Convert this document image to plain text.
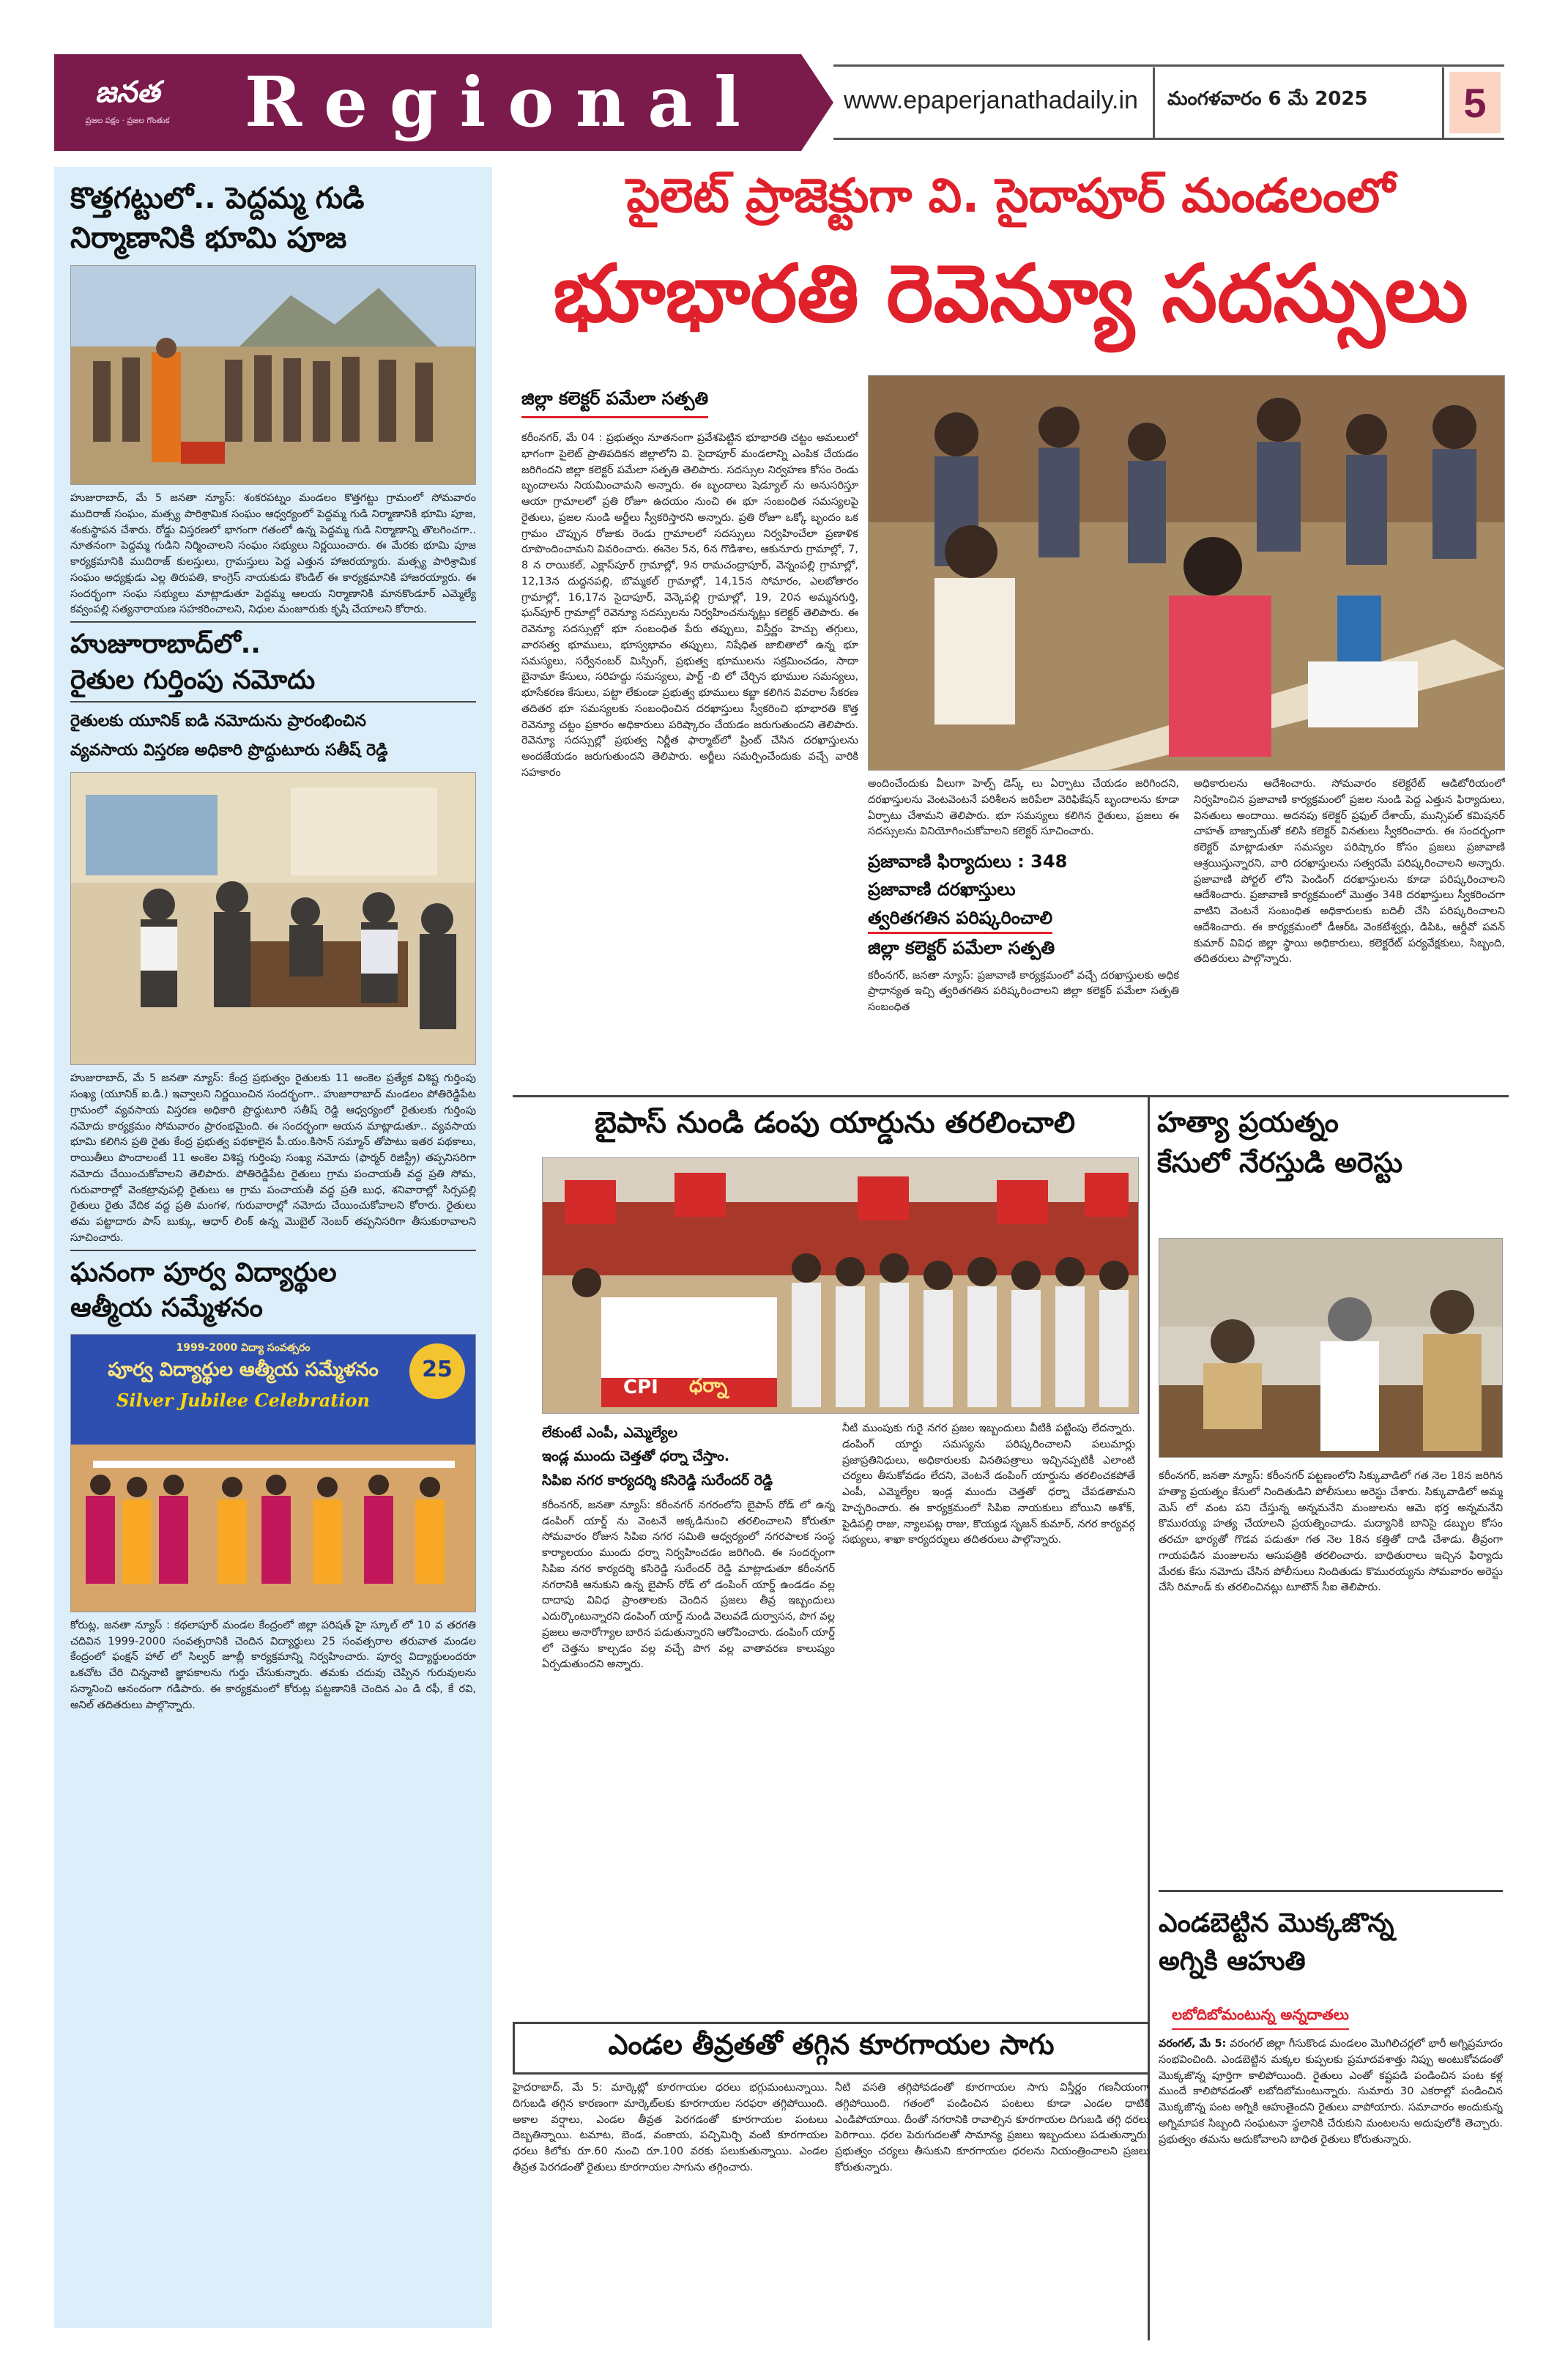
జనత
ప్రజల పక్షం · ప్రజల గొంతుక	Regional	www.epaperjanathadaily.in మంగళవారం 6 మే 2025	5
కొత్తగట్టులో.. పెద్దమ్మ గుడి
నిర్మాణానికి భూమి పూజ
హుజురాబాద్, మే 5 జనతా న్యూస్: శంకరపట్నం మండలం కొత్తగట్టు గ్రామంలో సోమవారం ముదిరాజ్ సంఘం, మత్స్య పారిశ్రామిక సంఘం ఆధ్వర్యంలో పెద్దమ్మ గుడి నిర్మాణానికి భూమి పూజ, శంకుస్థాపన చేశారు. రోడ్డు విస్తరణలో భాగంగా గతంలో ఉన్న పెద్దమ్మ గుడి నిర్మాణాన్ని తొలగించగా.. నూతనంగా పెద్దమ్మ గుడిని నిర్మించాలని సంఘం సభ్యులు నిర్ణయించారు. ఈ మేరకు భూమి పూజ కార్యక్రమానికి ముదిరాజ్ కులస్తులు, గ్రామస్తులు పెద్ద ఎత్తున హాజరయ్యారు. మత్స్య పారిశ్రామిక సంఘం అధ్యక్షుడు ఎల్ల తిరుపతి, కాంగ్రెస్ నాయకుడు కౌండిల్ ఈ కార్యక్రమానికి హాజరయ్యారు. ఈ సందర్భంగా సంఘ సభ్యులు మాట్లాడుతూ పెద్దమ్మ ఆలయ నిర్మాణానికి మానకొండూర్ ఎమ్మెల్యే కవ్వంపల్లి సత్యనారాయణ సహకరించాలని, నిధుల మంజూరుకు కృషి చేయాలని కోరారు.
హుజూరాబాద్‌లో..
రైతుల గుర్తింపు నమోదు
రైతులకు యూనిక్ ఐడి నమోదును ప్రారంభించిన
వ్యవసాయ విస్తరణ అధికారి ప్రొద్దుటూరు సతీష్ రెడ్డి
హుజురాబాద్, మే 5 జనతా న్యూస్: కేంద్ర ప్రభుత్వం రైతులకు 11 అంకెల ప్రత్యేక విశిష్ట గుర్తింపు సంఖ్య (యూనిక్ ఐ.డి.) ఇవ్వాలని నిర్ణయించిన సందర్భంగా.. హుజూరాబాద్ మండలం పోతిరెడ్డిపేట గ్రామంలో వ్యవసాయ విస్తరణ అధికారి ప్రొద్దుటూరి సతీష్ రెడ్డి ఆధ్వర్యంలో రైతులకు గుర్తింపు నమోదు కార్యక్రమం సోమవారం ప్రారంభమైంది. ఈ సందర్భంగా ఆయన మాట్లాడుతూ.. వ్యవసాయ భూమి కలిగిన ప్రతి రైతు కేంద్ర ప్రభుత్వ పథకాలైన పీ.యం.కిసాన్ సమ్మాన్ తోపాటు ఇతర పథకాలు, రాయితీలు పొందాలంటే 11 అంకెల విశిష్ట గుర్తింపు సంఖ్య నమోదు (ఫార్మర్ రిజిస్ట్రీ) తప్పనిసరిగా నమోదు చేయించుకోవాలని తెలిపారు. పోతిరెడ్డిపేట రైతులు గ్రామ పంచాయతీ వద్ద ప్రతి సోమ, గురువారాల్లో వెంకట్రావుపల్లి రైతులు ఆ గ్రామ పంచాయతీ వద్ద ప్రతి బుధ, శనివారాల్లో సిర్సపల్లి రైతులు రైతు వేదిక వద్ద ప్రతి మంగళ, గురువారాల్లో నమోదు చేయించుకోవాలని కోరారు. రైతులు తమ పట్టాదారు పాస్ బుక్కు, ఆధార్ లింక్ ఉన్న మొబైల్ నెంబర్ తప్పనిసరిగా తీసుకురావాలని సూచించారు.
ఘనంగా పూర్వ విద్యార్థుల
ఆత్మీయ సమ్మేళనం
1999-2000 విద్యా సంవత్సరం
పూర్వ విద్యార్థుల ఆత్మీయ సమ్మేళనం
Silver Jubilee Celebration
25
కోరుట్ల, జనతా న్యూస్ : కథలాపూర్ మండల కేంద్రంలో జిల్లా పరిషత్ హై స్కూల్ లో 10 వ తరగతి చదివిన 1999-2000 సంవత్సరానికి చెందిన విద్యార్థులు 25 సంవత్సరాల తరువాత మండల కేంద్రంలో ఫంక్షన్ హాల్ లో సిల్వర్ జూబ్లీ కార్యక్రమాన్ని నిర్వహించారు. పూర్వ విద్యార్థులందరూ ఒకచోట చేరి చిన్ననాటి జ్ఞాపకాలను గుర్తు చేసుకున్నారు. తమకు చదువు చెప్పిన గురువులను సన్మానించి ఆనందంగా గడిపారు. ఈ కార్యక్రమంలో కోరుట్ల పట్టణానికి చెందిన ఎం డి రఫీ, కే రవి, అనిల్ తదితరులు పాల్గొన్నారు.
పైలెట్ ప్రాజెక్టుగా వి. సైదాపూర్ మండలంలో
భూభారతి రెవెన్యూ సదస్సులు
జిల్లా కలెక్టర్ పమేలా సత్పతి
కరీంనగర్, మే 04 : ప్రభుత్వం నూతనంగా ప్రవేశపెట్టిన భూభారతి చట్టం అమలులో భాగంగా పైలెట్ ప్రాతిపదికన జిల్లాలోని వి. సైదాపూర్ మండలాన్ని ఎంపిక చేయడం జరిగిందని జిల్లా కలెక్టర్ పమేలా సత్పతి తెలిపారు. సదస్సుల నిర్వహణ కోసం రెండు బృందాలను నియమించామని అన్నారు. ఈ బృందాలు షెడ్యూల్ ను అనుసరిస్తూ ఆయా గ్రామాలలో ప్రతి రోజూ ఉదయం నుంచి ఈ భూ సంబంధిత సమస్యలపై రైతులు, ప్రజల నుండి అర్జీలు స్వీకరిస్తారని అన్నారు. ప్రతి రోజూ ఒక్కో బృందం ఒక గ్రామం చొప్పున రోజుకు రెండు గ్రామాలలో సదస్సులు నిర్వహించేలా ప్రణాళిక రూపొందించామని వివరించారు. ఈనెల 5న, 6న గొడిశాల, ఆకునూరు గ్రామాల్లో, 7, 8 న రాయికల్, ఎక్లాస్‌పూర్ గ్రామాల్లో, 9న రామచంద్రాపూర్, వెన్నంపల్లి గ్రామాల్లో, 12,13న దుద్దనపల్లి, బొమ్మకల్ గ్రామాల్లో, 14,15న సోమారం, ఎలబోతారం గ్రామాల్లో, 16,17న సైదాపూర్, వెన్కెపల్లి గ్రామాల్లో, 19, 20న అమ్మనగుర్తి, ఘన్‌పూర్ గ్రామాల్లో రెవెన్యూ సదస్సులను నిర్వహించనున్నట్లు కలెక్టర్ తెలిపారు. ఈ రెవెన్యూ సదస్సుల్లో భూ సంబంధిత పేరు తప్పులు, విస్తీర్ణం హెచ్చు తగ్గులు, వారసత్వ భూములు, భూస్వభావం తప్పులు, నిషేధిత జాబితాలో ఉన్న భూ సమస్యలు, సర్వేనంబర్ మిస్సింగ్, ప్రభుత్వ భూములను సక్రమించడం, సాదా బైనామా కేసులు, సరిహద్దు సమస్యలు, పార్ట్ -బి లో చేర్చిన భూముల సమస్యలు, భూసేకరణ కేసులు, పట్టా లేకుండా ప్రభుత్వ భూములు కబ్జా కలిగిన వివరాల సేకరణ తదితర భూ సమస్యలకు సంబంధించిన దరఖాస్తులు స్వీకరించి భూభారతి కొత్త రెవెన్యూ చట్టం ప్రకారం అధికారులు పరిష్కారం చేయడం జరుగుతుందని తెలిపారు. రెవెన్యూ సదస్సుల్లో ప్రభుత్వ నిర్ణీత ఫార్మాట్‌లో ప్రింట్ చేసిన దరఖాస్తులను అందజేయడం జరుగుతుందని తెలిపారు. అర్జీలు సమర్పించేందుకు వచ్చే వారికి సహకారం
అందించేందుకు వీలుగా హెల్ప్ డెస్క్ లు ఏర్పాటు చేయడం జరిగిందని, దరఖాస్తులను వెంటవెంటనే పరిశీలన జరిపేలా వెరిఫికేషన్ బృందాలను కూడా ఏర్పాటు చేశామని తెలిపారు. భూ సమస్యలు కలిగిన రైతులు, ప్రజలు ఈ సదస్సులను వినియోగించుకోవాలని కలెక్టర్ సూచించారు.
ప్రజావాణి ఫిర్యాదులు : 348
ప్రజావాణి దరఖాస్తులు
త్వరితగతిన పరిష్కరించాలి
జిల్లా కలెక్టర్ పమేలా సత్పతి
కరీంనగర్, జనతా న్యూస్: ప్రజావాణి కార్యక్రమంలో వచ్చే దరఖాస్తులకు అధిక ప్రాధాన్యత ఇచ్చి త్వరితగతిన పరిష్కరించాలని జిల్లా కలెక్టర్ పమేలా సత్పతి సంబంధిత
అధికారులను ఆదేశించారు. సోమవారం కలెక్టరేట్ ఆడిటోరియంలో నిర్వహించిన ప్రజావాణి కార్యక్రమంలో ప్రజల నుండి పెద్ద ఎత్తున ఫిర్యాదులు, వినతులు అందాయి. అదనపు కలెక్టర్ ప్రఫుల్ దేశాయ్, మున్సిపల్ కమిషనర్ చాహత్ బాజ్పాయ్‌తో కలిసి కలెక్టర్ వినతులు స్వీకరించారు. ఈ సందర్భంగా కలెక్టర్ మాట్లాడుతూ సమస్యల పరిష్కారం కోసం ప్రజలు ప్రజావాణి ఆశ్రయిస్తున్నారని, వారి దరఖాస్తులను సత్వరమే పరిష్కరించాలని అన్నారు. ప్రజావాణి పోర్టల్ లోని పెండింగ్ దరఖాస్తులను కూడా పరిష్కరించాలని ఆదేశించారు. ప్రజావాణి కార్యక్రమంలో మొత్తం 348 దరఖాస్తులు స్వీకరించగా వాటిని వెంటనే సంబంధిత అధికారులకు బదిలీ చేసి పరిష్కరించాలని ఆదేశించారు. ఈ కార్యక్రమంలో డీఆర్‌ఓ వెంకటేశ్వర్లు, డిపిఓ, ఆర్డీవో పవన్ కుమార్ వివిధ జిల్లా స్థాయి అధికారులు, కలెక్టరేట్ పర్యవేక్షకులు, సిబ్బంది, తదితరులు పాల్గొన్నారు.
బైపాస్ నుండి డంపు యార్డును తరలించాలి
CPI ధర్నా
లేకుంటే ఎంపీ, ఎమ్మెల్యేల
ఇండ్ల ముందు చెత్తతో ధర్నా చేస్తాం.
సిపిఐ నగర కార్యదర్శి కసిరెడ్డి సురేందర్ రెడ్డి
కరీంనగర్, జనతా న్యూస్: కరీంనగర్ నగరంలోని బైపాస్ రోడ్ లో ఉన్న డంపింగ్ యార్డ్ ను వెంటనే అక్కడినుంచి తరలించాలని కోరుతూ సోమవారం రోజున సిపిఐ నగర సమితి ఆధ్వర్యంలో నగరపాలక సంస్థ కార్యాలయం ముందు ధర్నా నిర్వహించడం జరిగింది. ఈ సందర్భంగా సిపిఐ నగర కార్యదర్శి కసిరెడ్డి సురేందర్ రెడ్డి మాట్లాడుతూ కరీంనగర్ నగరానికి ఆనుకుని ఉన్న బైపాస్ రోడ్ లో డంపింగ్ యార్డ్ ఉండడం వల్ల దాదాపు వివిధ ప్రాంతాలకు చెందిన ప్రజలు తీవ్ర ఇబ్బందులు ఎదుర్కొంటున్నారని డంపింగ్ యార్డ్ నుండి వెలువడే దుర్వాసన, పొగ వల్ల ప్రజలు అనారోగ్యాల బారిన పడుతున్నారని ఆరోపించారు. డంపింగ్ యార్డ్ లో చెత్తను కాల్చడం వల్ల వచ్చే పొగ వల్ల వాతావరణ కాలుష్యం ఏర్పడుతుందని అన్నారు.
నీటి ముంపుకు గురై నగర ప్రజల ఇబ్బందులు వీటికి పట్టింపు లేదన్నారు. డంపింగ్ యార్డు సమస్యను పరిష్కరించాలని పలుమార్లు ప్రజాప్రతినిధులు, అధికారులకు వినతిపత్రాలు ఇచ్చినప్పటికీ ఎలాంటి చర్యలు తీసుకోవడం లేదని, వెంటనే డంపింగ్ యార్డును తరలించకపోతే ఎంపీ, ఎమ్మెల్యేల ఇండ్ల ముందు చెత్తతో ధర్నా చేపడతామని హెచ్చరించారు. ఈ కార్యక్రమంలో సిపిఐ నాయకులు బోయిని అశోక్, పైడిపల్లి రాజు, న్యాలపట్ల రాజు, కొయ్యడ సృజన్ కుమార్, నగర కార్యవర్గ సభ్యులు, శాఖా కార్యదర్శులు తదితరులు పాల్గొన్నారు.
హత్యా ప్రయత్నం
కేసులో నేరస్తుడి అరెస్టు
కరీంనగర్, జనతా న్యూస్: కరీంనగర్ పట్టణంలోని సిక్కువాడిలో గత నెల 18న జరిగిన హత్యా ప్రయత్నం కేసులో నిందితుడిని పోలీసులు అరెస్టు చేశారు. సిక్కువాడిలో అమ్మ మెస్ లో వంట పని చేస్తున్న అన్నమనేని మంజులను ఆమె భర్త అన్నమనేని కొమురయ్య హత్య చేయాలని ప్రయత్నించాడు. మద్యానికి బానిసై డబ్బుల కోసం తరచూ భార్యతో గొడవ పడుతూ గత నెల 18న కత్తితో దాడి చేశాడు. తీవ్రంగా గాయపడిన మంజులను ఆసుపత్రికి తరలించారు. బాధితురాలు ఇచ్చిన ఫిర్యాదు మేరకు కేసు నమోదు చేసిన పోలీసులు నిందితుడు కొమురయ్యను సోమవారం అరెస్టు చేసి రిమాండ్ కు తరలించినట్లు టూటౌన్ సీఐ తెలిపారు.
ఎండబెట్టిన మొక్కజొన్న
అగ్నికి ఆహుతి
లబోదిబోమంటున్న అన్నదాతలు
వరంగల్, మే 5: వరంగల్ జిల్లా గీసుకొండ మండలం మొగిలిచర్లలో భారీ అగ్నిప్రమాదం సంభవించింది. ఎండబెట్టిన మక్కల కుప్పలకు ప్రమాదవశాత్తు నిప్పు అంటుకోవడంతో మొక్కజొన్న పూర్తిగా కాలిపోయింది. రైతులు ఎంతో కష్టపడి పండించిన పంట కళ్ల ముందే కాలిపోవడంతో లబోదిబోమంటున్నారు. సుమారు 30 ఎకరాల్లో పండించిన మొక్కజొన్న పంట అగ్నికి ఆహుతైందని రైతులు వాపోయారు. సమాచారం అందుకున్న అగ్నిమాపక సిబ్బంది సంఘటనా స్థలానికి చేరుకుని మంటలను అదుపులోకి తెచ్చారు. ప్రభుత్వం తమను ఆదుకోవాలని బాధిత రైతులు కోరుతున్నారు.
ఎండల తీవ్రతతో తగ్గిన కూరగాయల సాగు
హైదరాబాద్, మే 5: మార్కెట్లో కూరగాయల ధరలు భగ్గుమంటున్నాయి. దిగుబడి తగ్గిన కారణంగా మార్కెట్‌లకు కూరగాయల సరఫరా తగ్గిపోయింది. అకాల వర్షాలు, ఎండల తీవ్రత పెరగడంతో కూరగాయల పంటలు దెబ్బతిన్నాయి. టమాట, బెండ, వంకాయ, పచ్చిమిర్చి వంటి కూరగాయల ధరలు కిలోకు రూ.60 నుంచి రూ.100 వరకు పలుకుతున్నాయి. ఎండల తీవ్రత పెరగడంతో రైతులు కూరగాయల సాగును తగ్గించారు.
నీటి వసతి తగ్గిపోవడంతో కూరగాయల సాగు విస్తీర్ణం గణనీయంగా తగ్గిపోయింది. గతంలో పండించిన పంటలు కూడా ఎండల ధాటికి ఎండిపోయాయి. దీంతో నగరానికి రావాల్సిన కూరగాయల దిగుబడి తగ్గి ధరలు పెరిగాయి. ధరల పెరుగుదలతో సామాన్య ప్రజలు ఇబ్బందులు పడుతున్నారు. ప్రభుత్వం చర్యలు తీసుకుని కూరగాయల ధరలను నియంత్రించాలని ప్రజలు కోరుతున్నారు.
